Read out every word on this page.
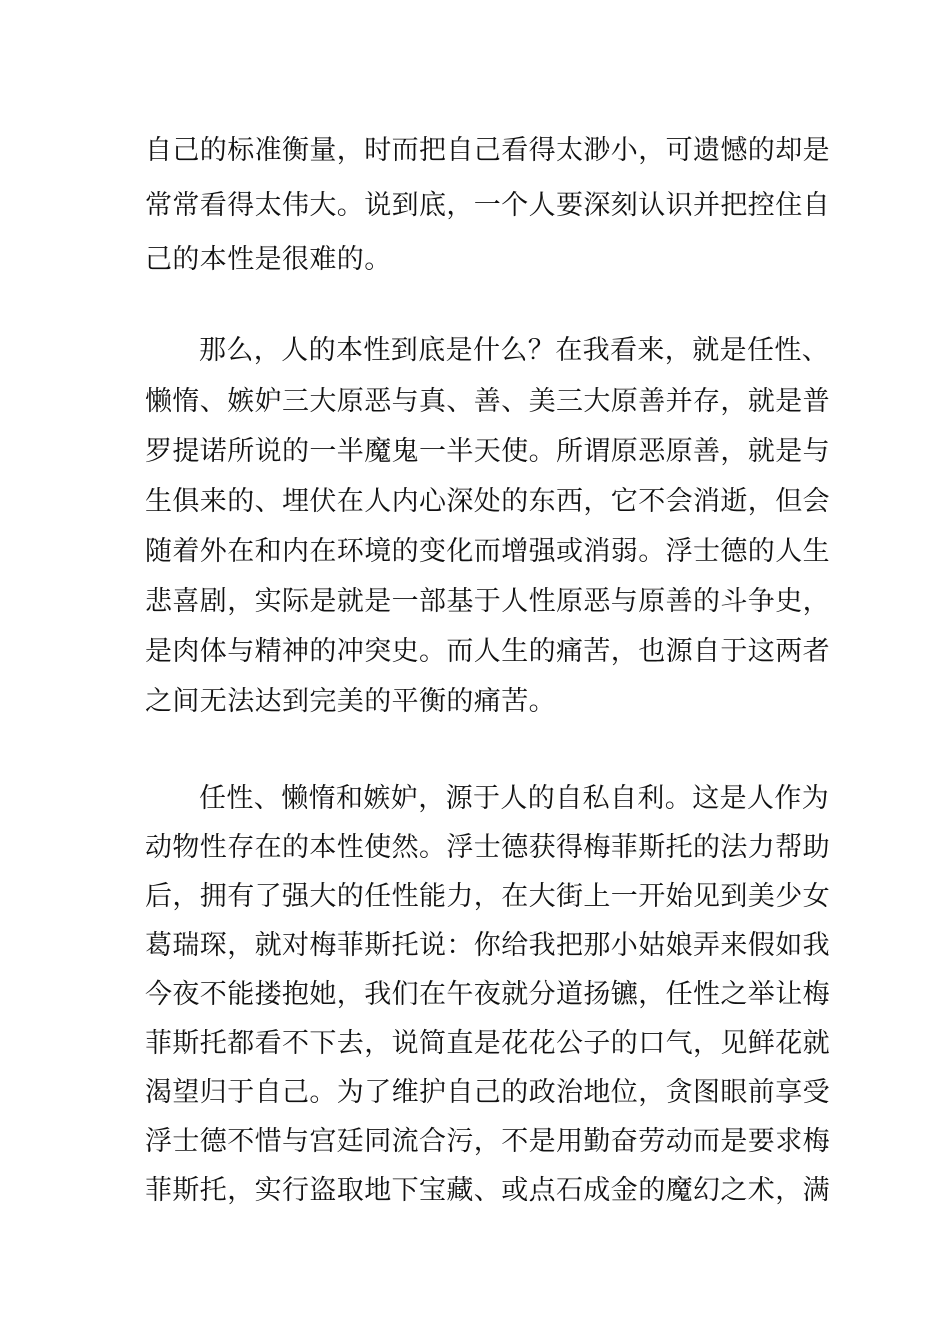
自己的标准衡量，时而把自己看得太渺小，可遗憾的却是
常常看得太伟大。说到底，一个人要深刻认识并把控住自
己的本性是很难的。
那么，人的本性到底是什么？在我看来，就是任性、
懒惰、嫉妒三大原恶与真、善、美三大原善并存，就是普
罗提诺所说的一半魔鬼一半天使。所谓原恶原善，就是与
生俱来的、埋伏在人内心深处的东西，它不会消逝，但会
随着外在和内在环境的变化而增强或消弱。浮士德的人生
悲喜剧，实际是就是一部基于人性原恶与原善的斗争史，
是肉体与精神的冲突史。而人生的痛苦，也源自于这两者
之间无法达到完美的平衡的痛苦。
任性、懒惰和嫉妒，源于人的自私自利。这是人作为
动物性存在的本性使然。浮士德获得梅菲斯托的法力帮助
后，拥有了强大的任性能力，在大街上一开始见到美少女
葛瑞琛，就对梅菲斯托说：你给我把那小姑娘弄来假如我
今夜不能搂抱她，我们在午夜就分道扬镳，任性之举让梅
菲斯托都看不下去，说简直是花花公子的口气，见鲜花就
渴望归于自己。为了维护自己的政治地位，贪图眼前享受
浮士德不惜与宫廷同流合污，不是用勤奋劳动而是要求梅
菲斯托，实行盗取地下宝藏、或点石成金的魔幻之术，满
